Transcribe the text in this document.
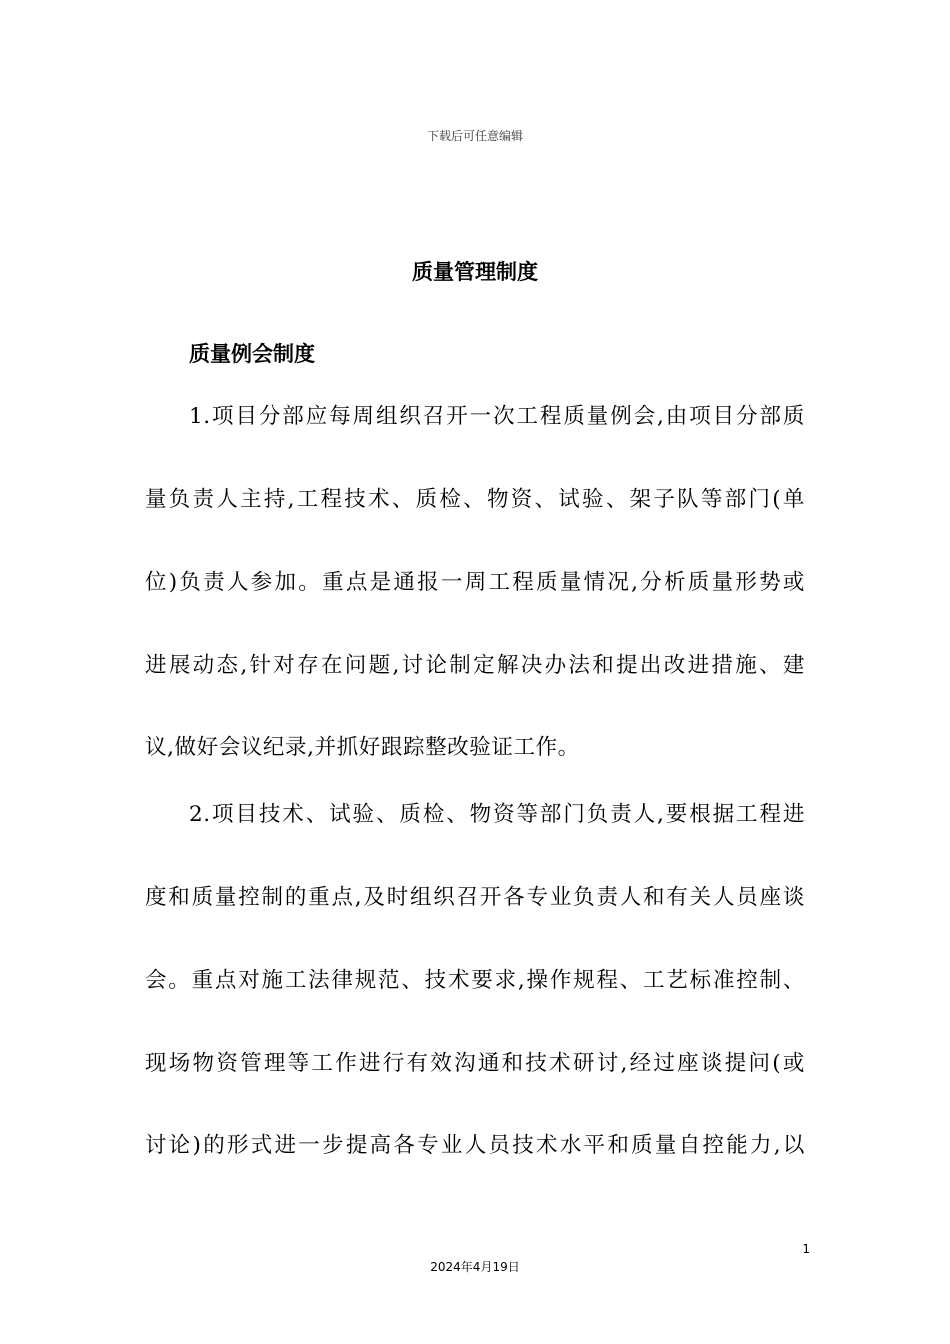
下载后可任意编辑
质量管理制度
质量例会制度
1.项目分部应每周组织召开一次工程质量例会,由项目分部质
量负责人主持,工程技术、质检、物资、试验、架子队等部门(单
位)负责人参加。重点是通报一周工程质量情况,分析质量形势或
进展动态,针对存在问题,讨论制定解决办法和提出改进措施、建
议,做好会议纪录,并抓好跟踪整改验证工作。
2.项目技术、试验、质检、物资等部门负责人,要根据工程进
度和质量控制的重点,及时组织召开各专业负责人和有关人员座谈
会。重点对施工法律规范、技术要求,操作规程、工艺标准控制、
现场物资管理等工作进行有效沟通和技术研讨,经过座谈提问(或
讨论)的形式进一步提高各专业人员技术水平和质量自控能力,以
1
2024年4月19日
